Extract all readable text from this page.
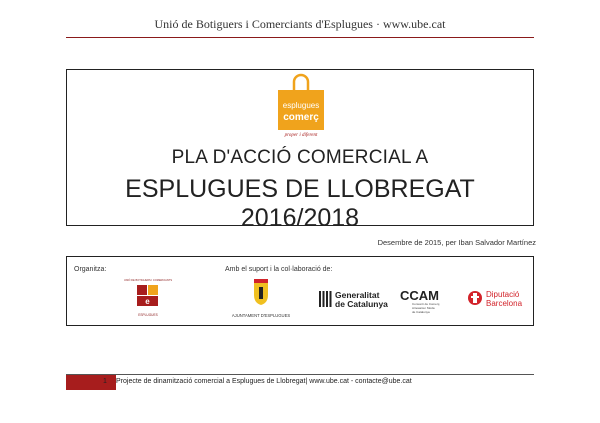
Unió de Botiguers i Comerciants d'Esplugues · www.ube.cat
esplugues
comerç
proper i diferent
PLA D'ACCIÓ COMERCIAL A
ESPLUGUES DE LLOBREGAT 2016/2018
Desembre de 2015, per Iban Salvador Martínez
Organitza:	Amb el suport i la col·laboració de:
UNIÓ DE BOTIGUERS I COMERCIANTS
e
ESPLUGUES	AJUNTAMENT D'ESPLUGUES
Generalitat
de Catalunya
CCAM
Consorci de Comerç,
Artesania i Moda
de Catalunya
Diputació
Barcelona
1 Projecte de dinamització comercial a Esplugues de Llobregat| www.ube.cat - contacte@ube.cat
